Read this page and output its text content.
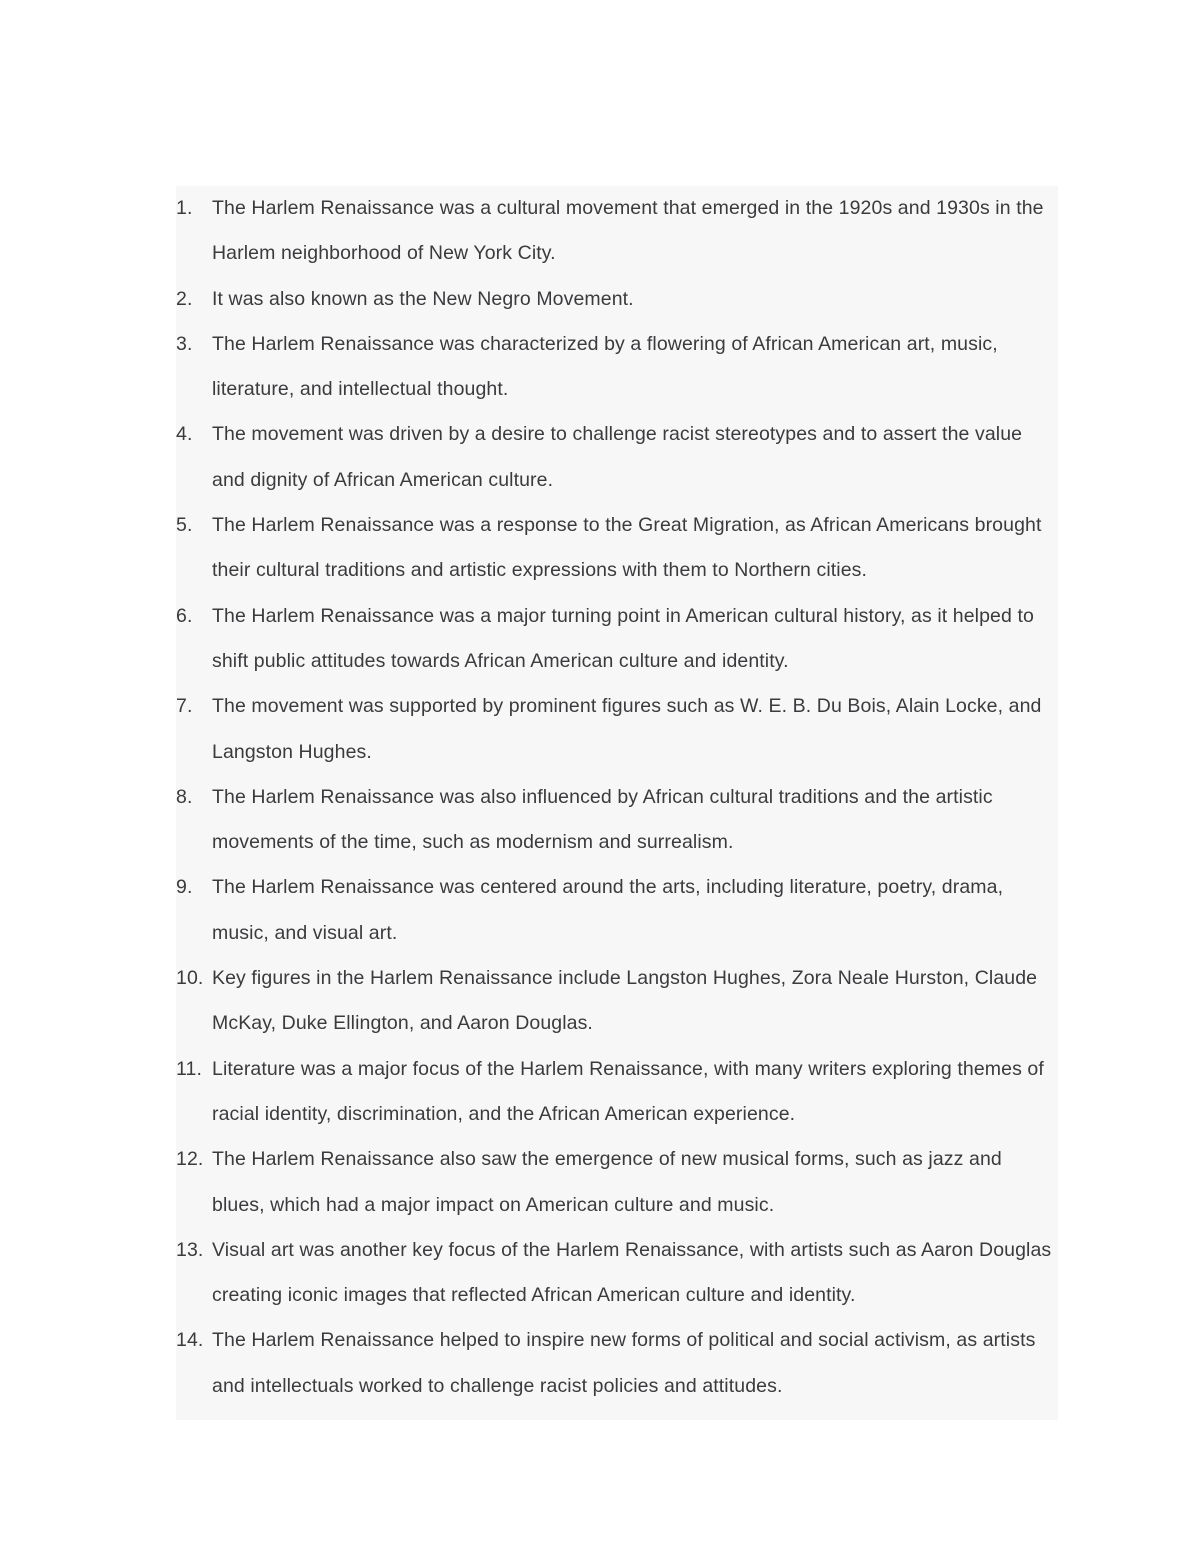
1.	The Harlem Renaissance was a cultural movement that emerged in the 1920s and 1930s in the Harlem neighborhood of New York City.
2.	It was also known as the New Negro Movement.
3.	The Harlem Renaissance was characterized by a flowering of African American art, music, literature, and intellectual thought.
4.	The movement was driven by a desire to challenge racist stereotypes and to assert the value and dignity of African American culture.
5.	The Harlem Renaissance was a response to the Great Migration, as African Americans brought their cultural traditions and artistic expressions with them to Northern cities.
6.	The Harlem Renaissance was a major turning point in American cultural history, as it helped to shift public attitudes towards African American culture and identity.
7.	The movement was supported by prominent figures such as W. E. B. Du Bois, Alain Locke, and Langston Hughes.
8.	The Harlem Renaissance was also influenced by African cultural traditions and the artistic movements of the time, such as modernism and surrealism.
9.	The Harlem Renaissance was centered around the arts, including literature, poetry, drama, music, and visual art.
10. Key figures in the Harlem Renaissance include Langston Hughes, Zora Neale Hurston, Claude McKay, Duke Ellington, and Aaron Douglas.
11. Literature was a major focus of the Harlem Renaissance, with many writers exploring themes of racial identity, discrimination, and the African American experience.
12. The Harlem Renaissance also saw the emergence of new musical forms, such as jazz and blues, which had a major impact on American culture and music.
13. Visual art was another key focus of the Harlem Renaissance, with artists such as Aaron Douglas creating iconic images that reflected African American culture and identity.
14. The Harlem Renaissance helped to inspire new forms of political and social activism, as artists and intellectuals worked to challenge racist policies and attitudes.
